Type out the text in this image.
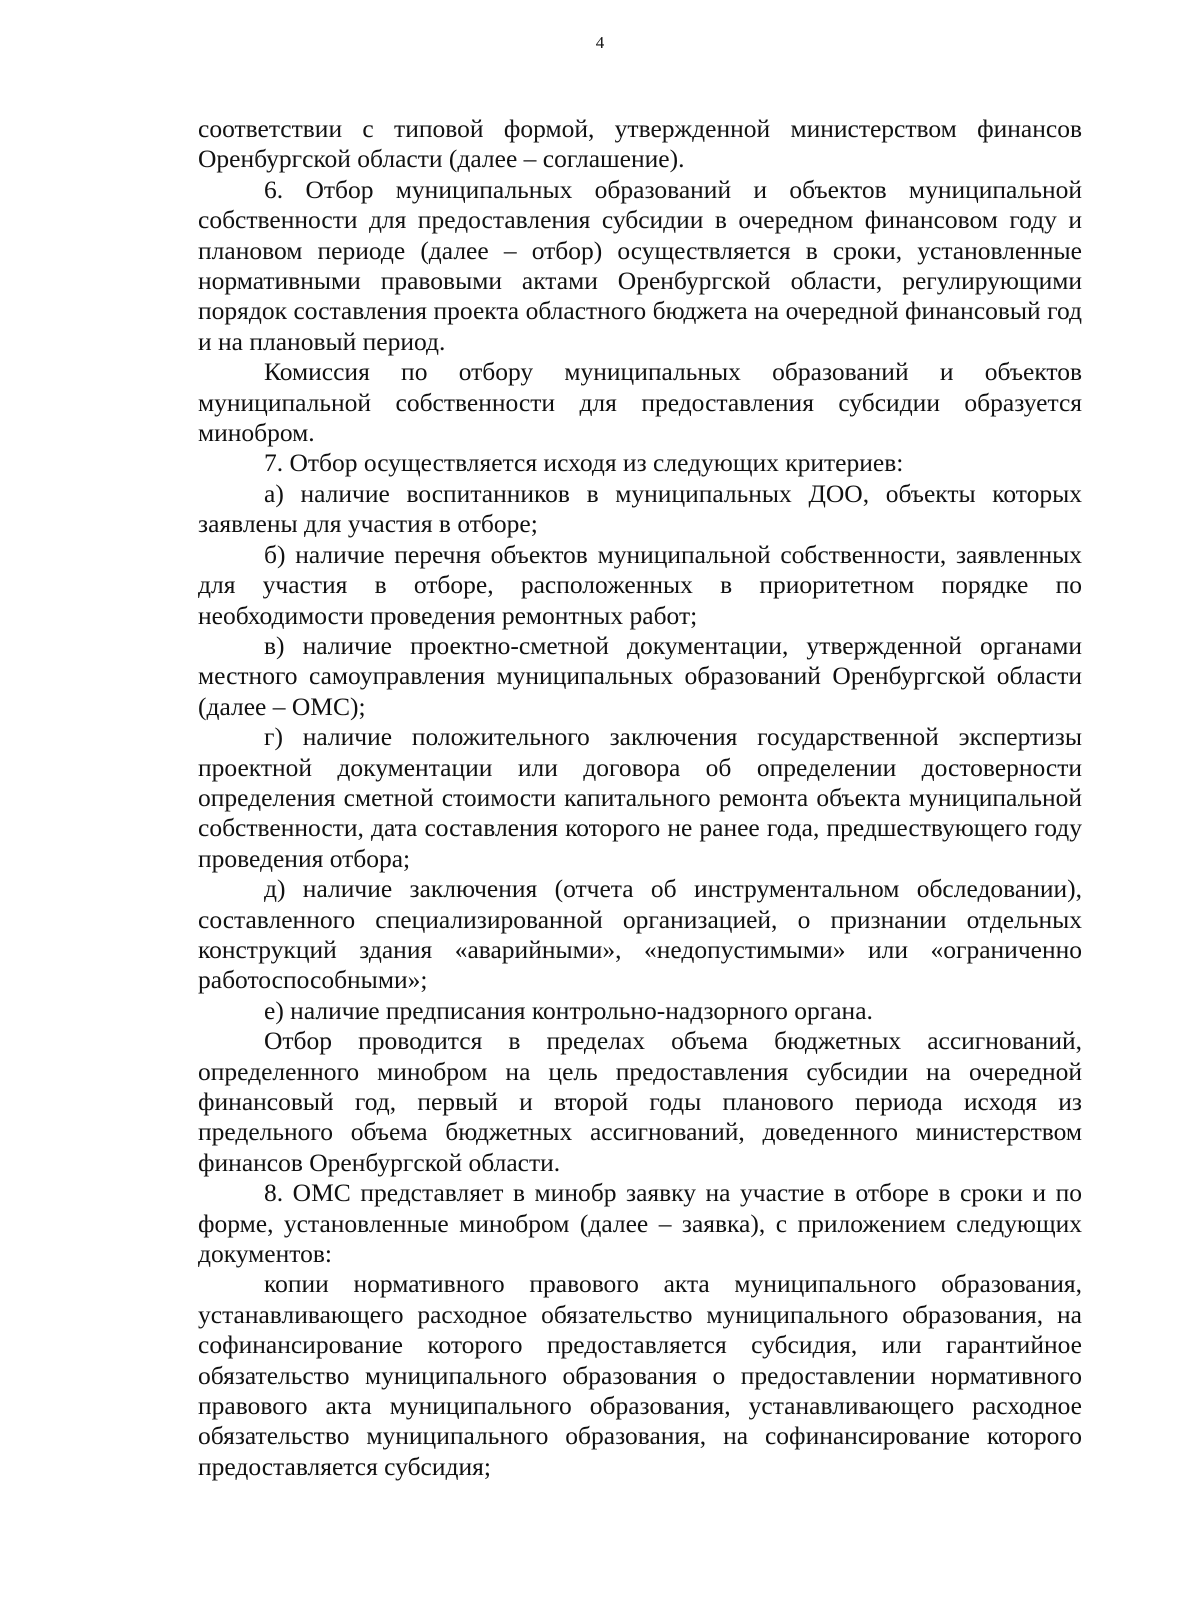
4

соответствии с типовой формой, утвержденной министерством финансов Оренбургской области (далее – соглашение).

6. Отбор муниципальных образований и объектов муниципальной собственности для предоставления субсидии в очередном финансовом году и плановом периоде (далее – отбор) осуществляется в сроки, установленные нормативными правовыми актами Оренбургской области, регулирующими порядок составления проекта областного бюджета на очередной финансовый год и на плановый период.

Комиссия по отбору муниципальных образований и объектов муниципальной собственности для предоставления субсидии образуется минобром.

7. Отбор осуществляется исходя из следующих критериев:

а) наличие воспитанников в муниципальных ДОО, объекты которых заявлены для участия в отборе;

б) наличие перечня объектов муниципальной собственности, заявленных для участия в отборе, расположенных в приоритетном порядке по необходимости проведения ремонтных работ;

в) наличие проектно-сметной документации, утвержденной органами местного самоуправления муниципальных образований Оренбургской области (далее – ОМС);

г) наличие положительного заключения государственной экспертизы проектной документации или договора об определении достоверности определения сметной стоимости капитального ремонта объекта муниципальной собственности, дата составления которого не ранее года, предшествующего году проведения отбора;

д) наличие заключения (отчета об инструментальном обследовании), составленного специализированной организацией, о признании отдельных конструкций здания «аварийными», «недопустимыми» или «ограниченно работоспособными»;

е) наличие предписания контрольно-надзорного органа.

Отбор проводится в пределах объема бюджетных ассигнований, определенного минобром на цель предоставления субсидии на очередной финансовый год, первый и второй годы планового периода исходя из предельного объема бюджетных ассигнований, доведенного министерством финансов Оренбургской области.

8. ОМС представляет в минобр заявку на участие в отборе в сроки и по форме, установленные минобром (далее – заявка), с приложением следующих документов:

копии нормативного правового акта муниципального образования, устанавливающего расходное обязательство муниципального образования, на софинансирование которого предоставляется субсидия, или гарантийное обязательство муниципального образования о предоставлении нормативного правового акта муниципального образования, устанавливающего расходное обязательство муниципального образования, на софинансирование которого предоставляется субсидия;
